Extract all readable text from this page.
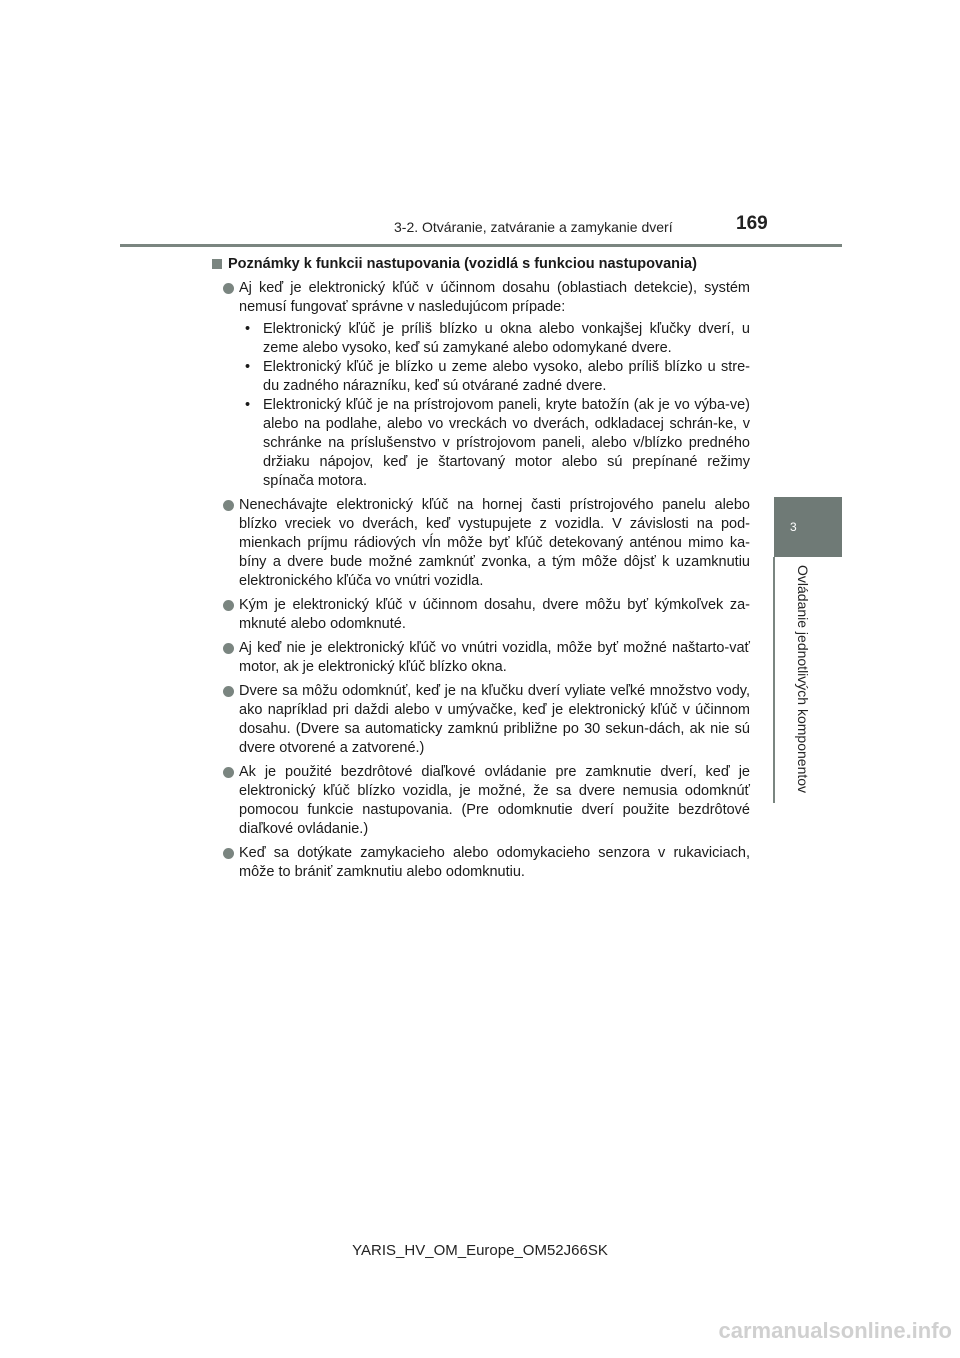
3-2. Otváranie, zatváranie a zamykanie dverí	169
3
Ovládanie jednotlivých komponentov
Poznámky k funkcii nastupovania (vozidlá s funkciou nastupovania)
Aj keď je elektronický kľúč v účinnom dosahu (oblastiach detekcie), systém nemusí fungovať správne v nasledujúcom prípade:
• Elektronický kľúč je príliš blízko u okna alebo vonkajšej kľučky dverí, u zeme alebo vysoko, keď sú zamykané alebo odomykané dvere.
• Elektronický kľúč je blízko u zeme alebo vysoko, alebo príliš blízko u stre-du zadného nárazníku, keď sú otvárané zadné dvere.
• Elektronický kľúč je na prístrojovom paneli, kryte batožín (ak je vo výba-ve) alebo na podlahe, alebo vo vreckách vo dverách, odkladacej schrán-ke, v schránke na príslušenstvo v prístrojovom paneli, alebo v/blízko predného držiaku nápojov, keď je štartovaný motor alebo sú prepínané režimy spínača motora.
Nenechávajte elektronický kľúč na hornej časti prístrojového panelu alebo blízko vreciek vo dverách, keď vystupujete z vozidla. V závislosti na pod-mienkach príjmu rádiových vĺn môže byť kľúč detekovaný anténou mimo ka-bíny a dvere bude možné zamknúť zvonka, a tým môže dôjsť k uzamknutiu elektronického kľúča vo vnútri vozidla.
Kým je elektronický kľúč v účinnom dosahu, dvere môžu byť kýmkoľvek za-mknuté alebo odomknuté.
Aj keď nie je elektronický kľúč vo vnútri vozidla, môže byť možné naštarto-vať motor, ak je elektronický kľúč blízko okna.
Dvere sa môžu odomknúť, keď je na kľučku dverí vyliate veľké množstvo vody, ako napríklad pri daždi alebo v umývačke, keď je elektronický kľúč v účinnom dosahu. (Dvere sa automaticky zamknú približne po 30 sekun-dách, ak nie sú dvere otvorené a zatvorené.)
Ak je použité bezdrôtové diaľkové ovládanie pre zamknutie dverí, keď je elektronický kľúč blízko vozidla, je možné, že sa dvere nemusia odomknúť pomocou funkcie nastupovania. (Pre odomknutie dverí použite bezdrôtové diaľkové ovládanie.)
Keď sa dotýkate zamykacieho alebo odomykacieho senzora v rukaviciach, môže to brániť zamknutiu alebo odomknutiu.
YARIS_HV_OM_Europe_OM52J66SK
carmanualsonline.info
